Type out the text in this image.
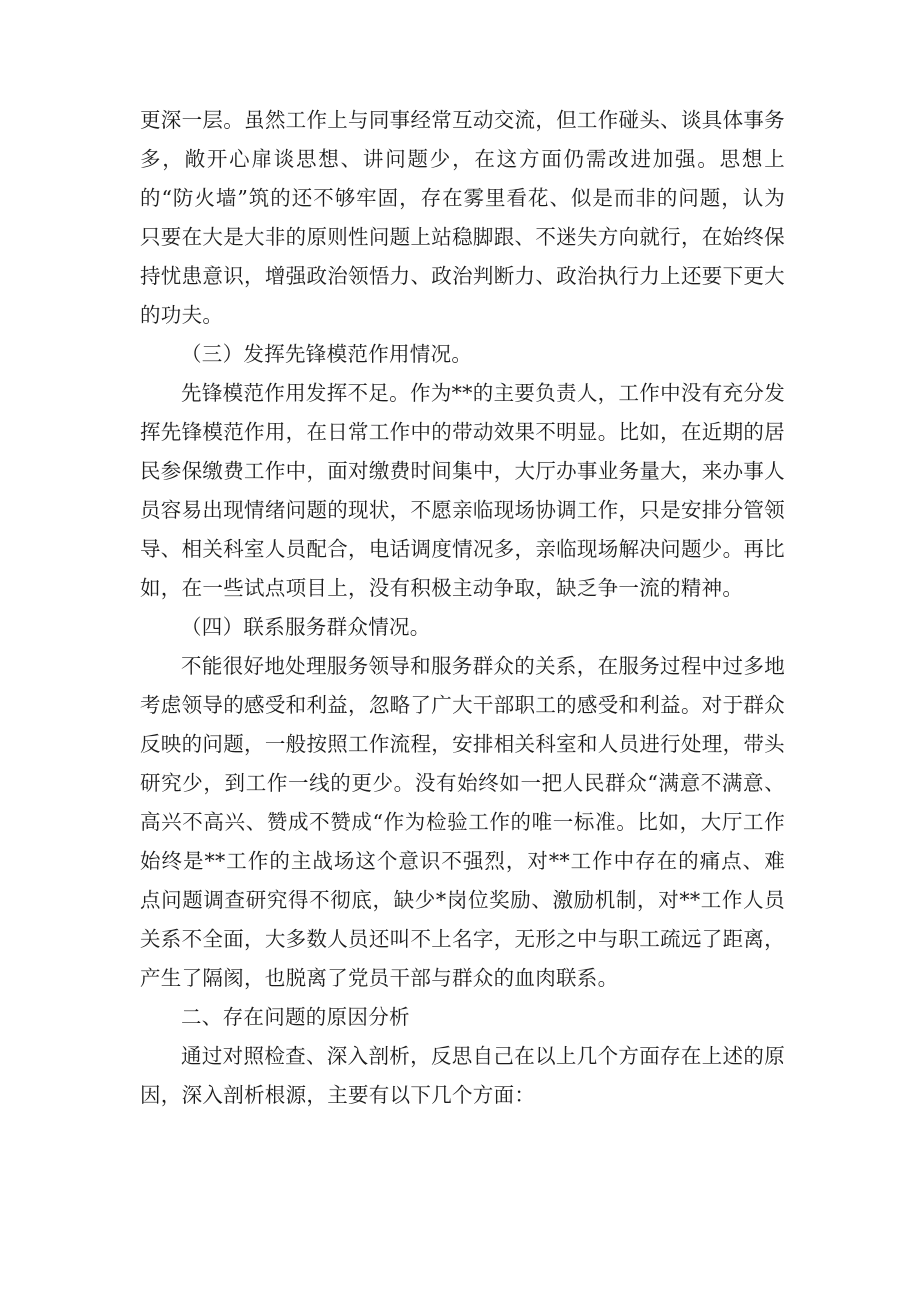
更深一层。虽然工作上与同事经常互动交流，但工作碰头、谈具体事务多，敞开心扉谈思想、讲问题少，在这方面仍需改进加强。思想上的“防火墙”筑的还不够牢固，存在雾里看花、似是而非的问题，认为只要在大是大非的原则性问题上站稳脚跟、不迷失方向就行，在始终保持忧患意识，增强政治领悟力、政治判断力、政治执行力上还要下更大的功夫。

（三）发挥先锋模范作用情况。

先锋模范作用发挥不足。作为**的主要负责人，工作中没有充分发挥先锋模范作用，在日常工作中的带动效果不明显。比如，在近期的居民参保缴费工作中，面对缴费时间集中，大厅办事业务量大，来办事人员容易出现情绪问题的现状，不愿亲临现场协调工作，只是安排分管领导、相关科室人员配合，电话调度情况多，亲临现场解决问题少。再比如，在一些试点项目上，没有积极主动争取，缺乏争一流的精神。

（四）联系服务群众情况。

不能很好地处理服务领导和服务群众的关系，在服务过程中过多地考虑领导的感受和利益，忽略了广大干部职工的感受和利益。对于群众反映的问题，一般按照工作流程，安排相关科室和人员进行处理，带头研究少，到工作一线的更少。没有始终如一把人民群众“满意不满意、高兴不高兴、赞成不赞成“作为检验工作的唯一标准。比如，大厅工作始终是**工作的主战场这个意识不强烈，对**工作中存在的痛点、难点问题调查研究得不彻底，缺少*岗位奖励、激励机制，对**工作人员关系不全面，大多数人员还叫不上名字，无形之中与职工疏远了距离，产生了隔阂，也脱离了党员干部与群众的血肉联系。

二、存在问题的原因分析

通过对照检查、深入剖析，反思自己在以上几个方面存在上述的原因，深入剖析根源，主要有以下几个方面：
